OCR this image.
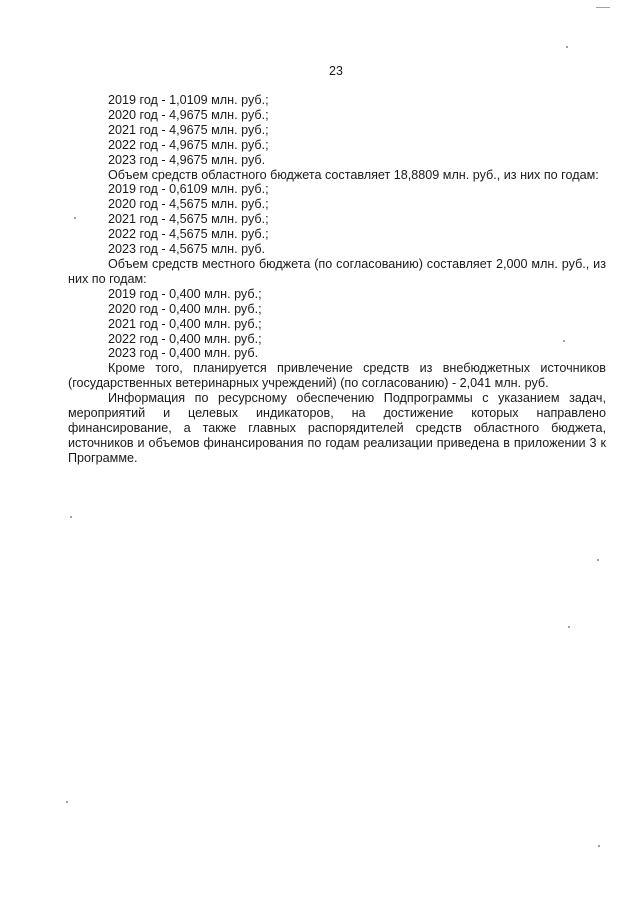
23
2019 год - 1,0109 млн. руб.;
2020 год - 4,9675 млн. руб.;
2021 год - 4,9675 млн. руб.;
2022 год - 4,9675 млн. руб.;
2023 год - 4,9675 млн. руб.

Объем средств областного бюджета составляет 18,8809 млн. руб., из них по годам:

2019 год - 0,6109 млн. руб.;
2020 год - 4,5675 млн. руб.;
2021 год - 4,5675 млн. руб.;
2022 год - 4,5675 млн. руб.;
2023 год - 4,5675 млн. руб.

Объем средств местного бюджета (по согласованию) составляет 2,000 млн. руб., из них по годам:

2019 год - 0,400 млн. руб.;
2020 год - 0,400 млн. руб.;
2021 год - 0,400 млн. руб.;
2022 год - 0,400 млн. руб.;
2023 год - 0,400 млн. руб.

Кроме того, планируется привлечение средств из внебюджетных источников (государственных ветеринарных учреждений) (по согласованию) - 2,041 млн. руб.

Информация по ресурсному обеспечению Подпрограммы с указанием задач, мероприятий и целевых индикаторов, на достижение которых направлено финансирование, а также главных распорядителей средств областного бюджета, источников и объемов финансирования по годам реализации приведена в приложении 3 к Программе.
